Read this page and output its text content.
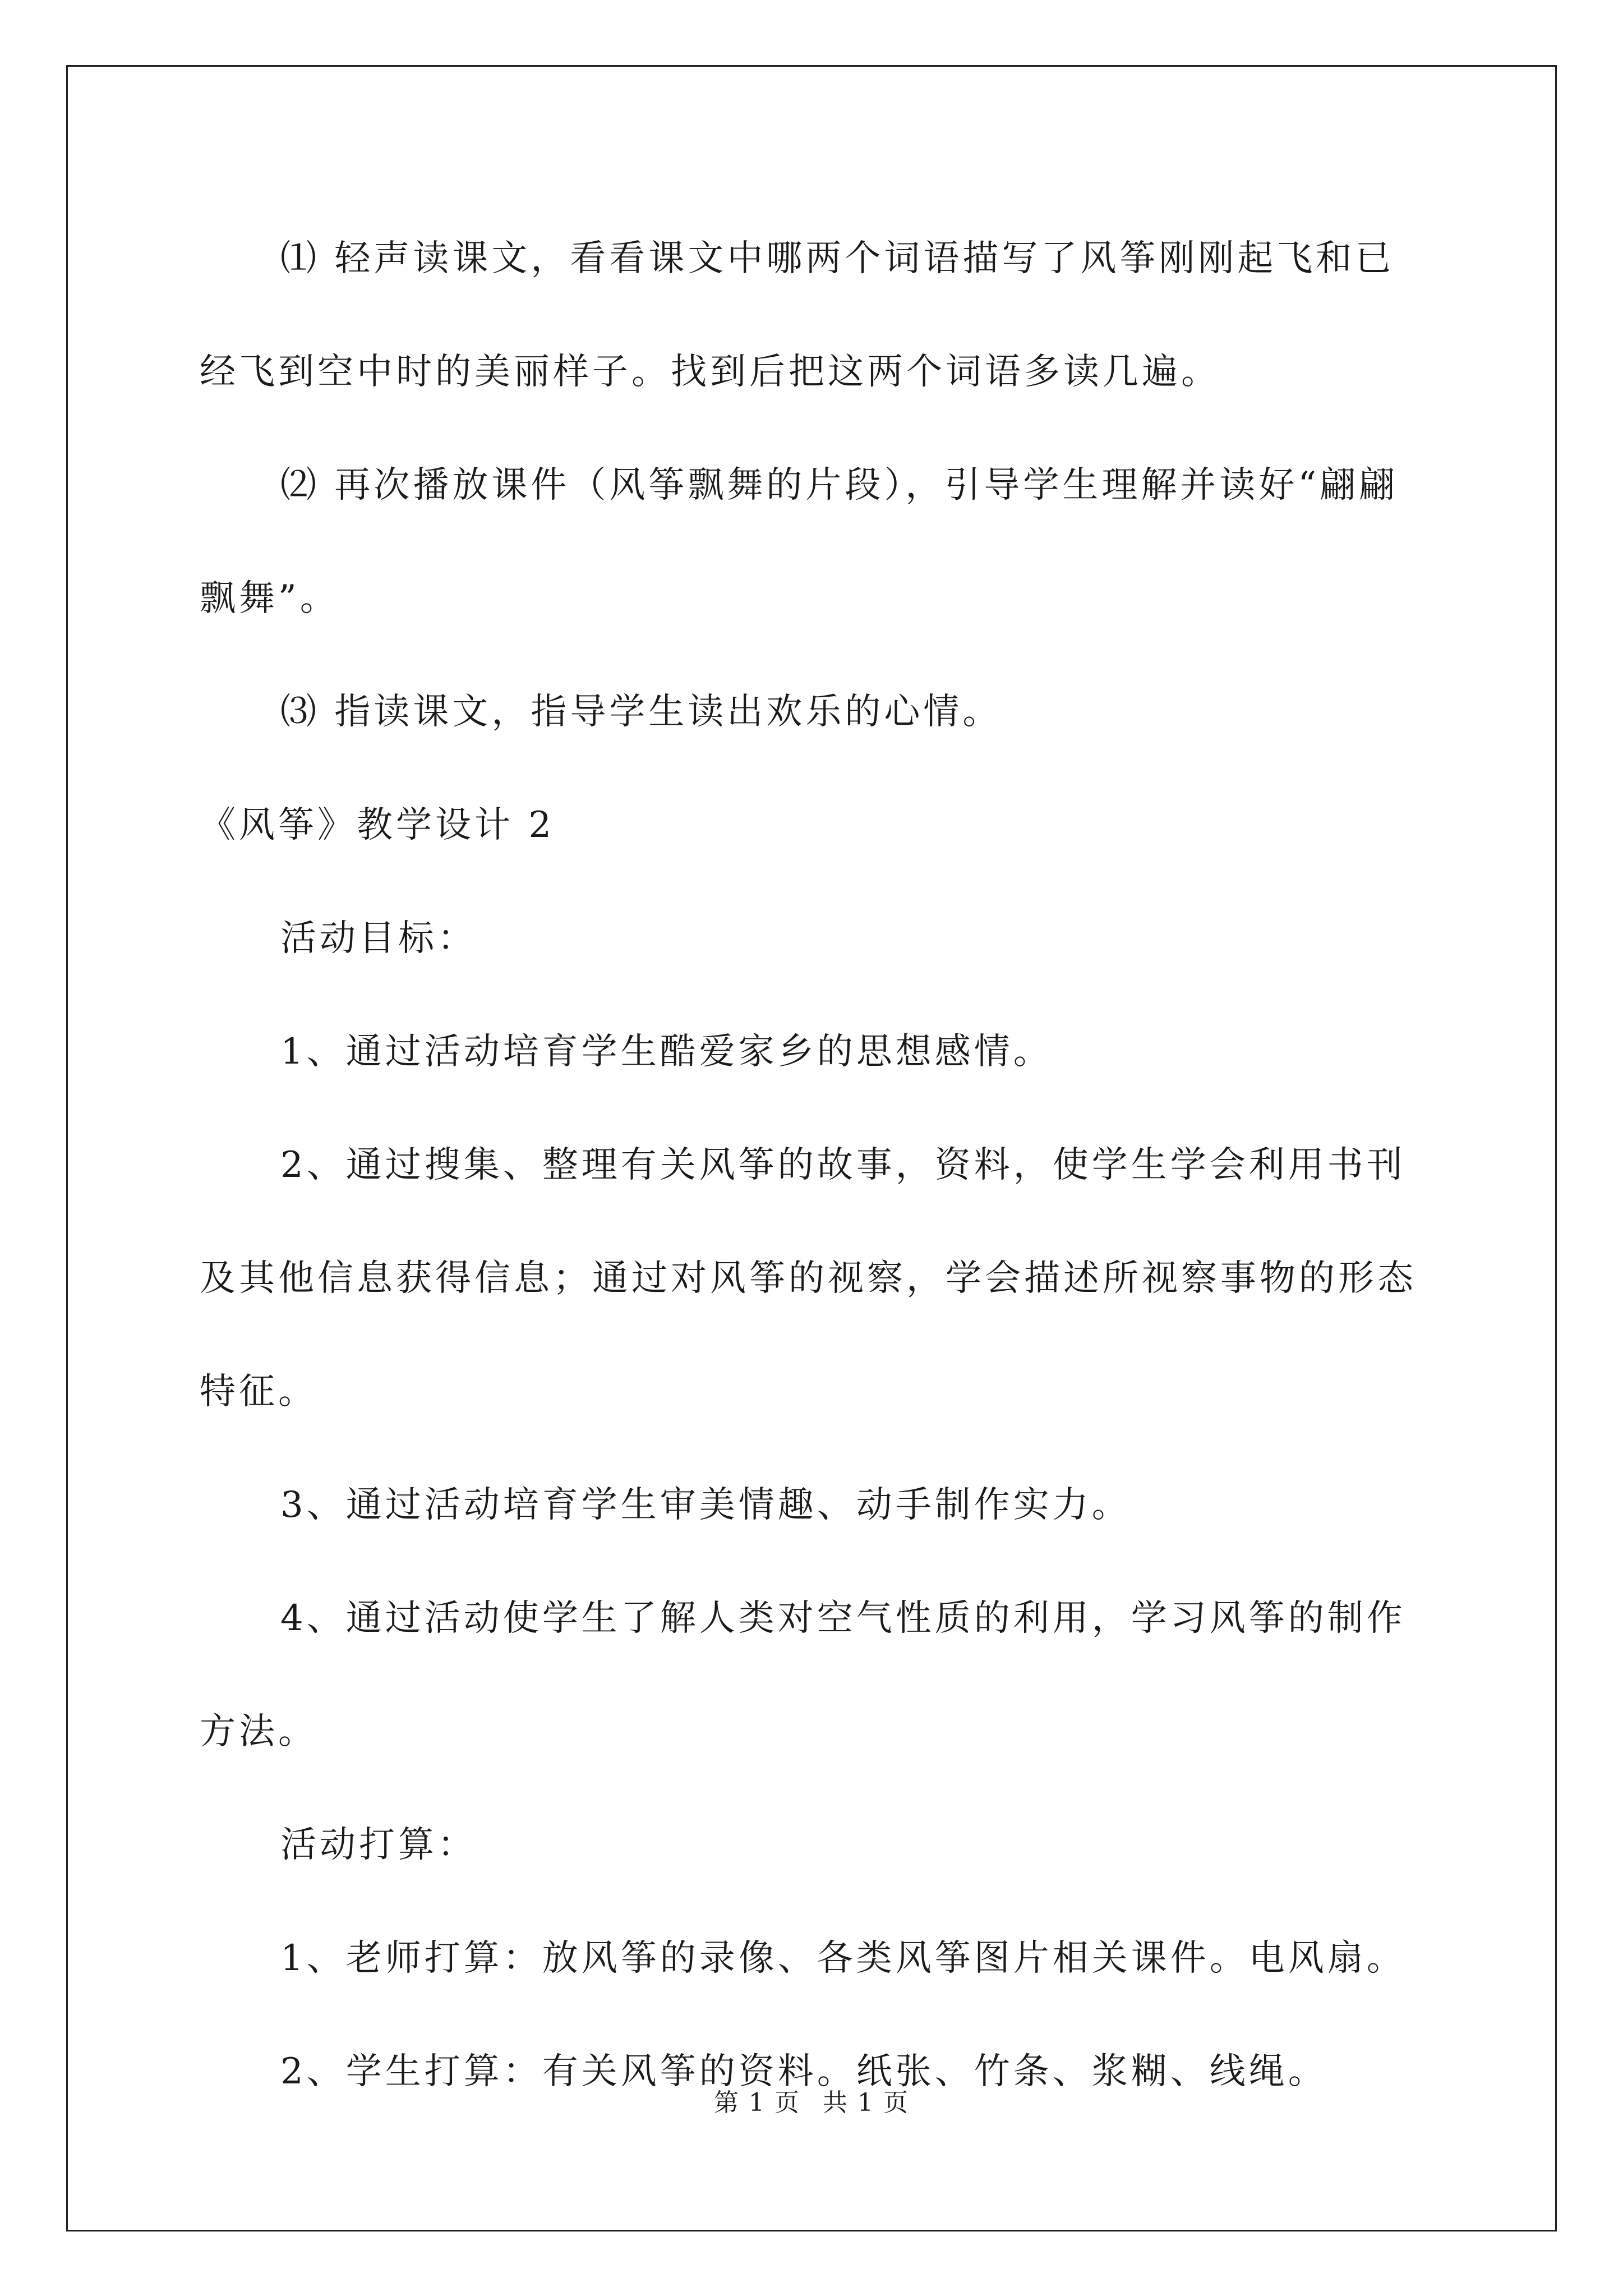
⑴ 轻声读课文，看看课文中哪两个词语描写了风筝刚刚起飞和已经飞到空中时的美丽样子。找到后把这两个词语多读几遍。

⑵ 再次播放课件（风筝飘舞的片段），引导学生理解并读好“翩翩飘舞”。

⑶ 指读课文，指导学生读出欢乐的心情。

《风筝》教学设计 2

活动目标：

1、通过活动培育学生酷爱家乡的思想感情。

2、通过搜集、整理有关风筝的故事，资料，使学生学会利用书刊及其他信息获得信息；通过对风筝的视察，学会描述所视察事物的形态特征。

3、通过活动培育学生审美情趣、动手制作实力。

4、通过活动使学生了解人类对空气性质的利用，学习风筝的制作方法。

活动打算：

1、老师打算：放风筝的录像、各类风筝图片相关课件。电风扇。

2、学生打算：有关风筝的资料。纸张、竹条、浆糊、线绳。

第 1 页 共 1 页
